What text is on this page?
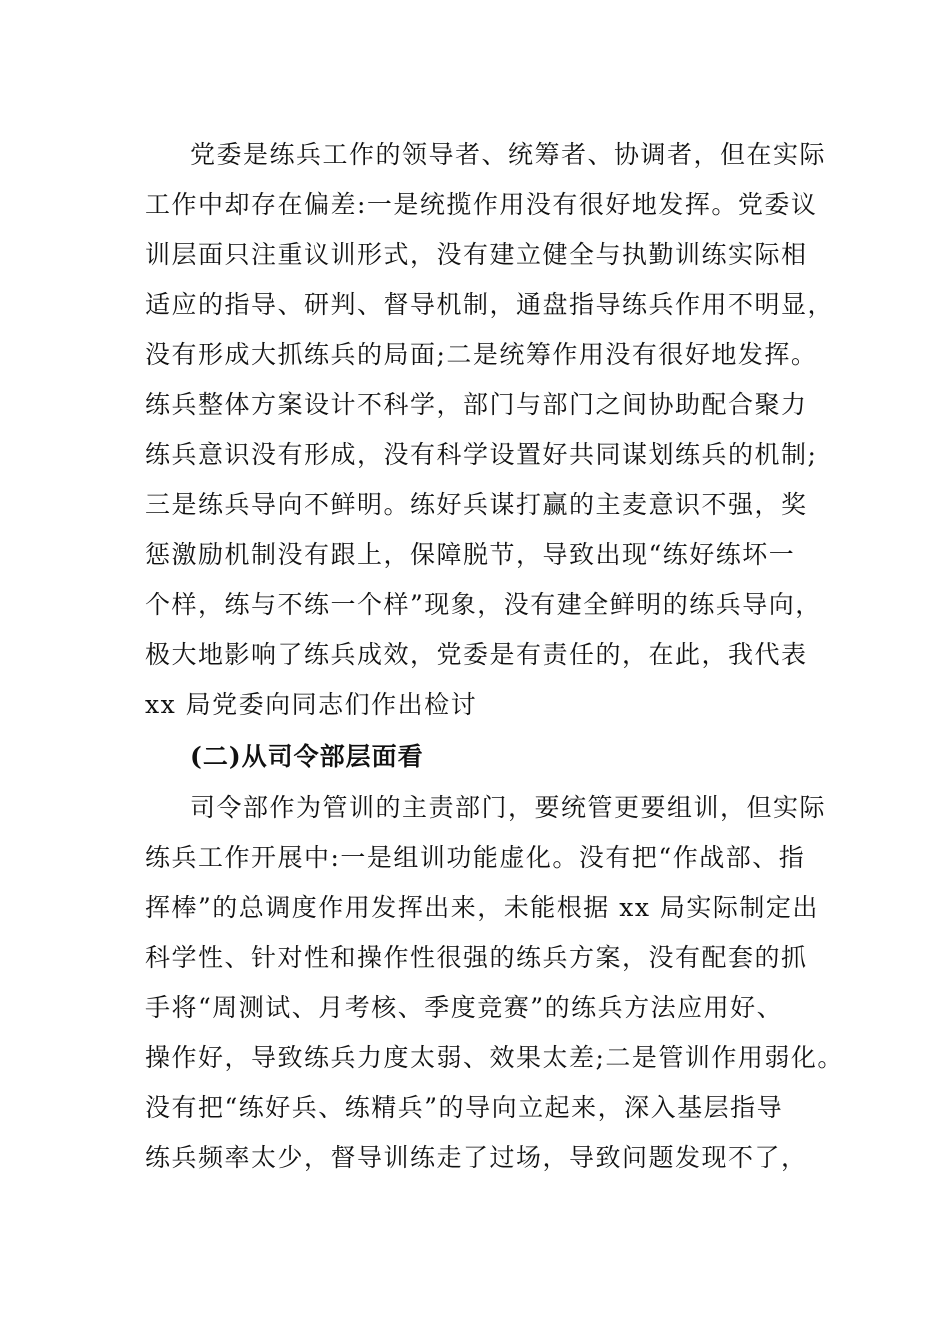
党委是练兵工作的领导者、统筹者、协调者，但在实际
工作中却存在偏差:一是统揽作用没有很好地发挥。党委议
训层面只注重议训形式，没有建立健全与执勤训练实际相
适应的指导、研判、督导机制，通盘指导练兵作用不明显，
没有形成大抓练兵的局面;二是统筹作用没有很好地发挥。
练兵整体方案设计不科学，部门与部门之间协助配合聚力
练兵意识没有形成，没有科学设置好共同谋划练兵的机制;
三是练兵导向不鲜明。练好兵谋打赢的主麦意识不强，奖
惩激励机制没有跟上，保障脱节，导致出现“练好练坏一
个样，练与不练一个样”现象，没有建全鲜明的练兵导向，
极大地影响了练兵成效，党委是有责任的，在此，我代表
xx 局党委向同志们作出检讨
(二)从司令部层面看
司令部作为管训的主责部门，要统管更要组训，但实际
练兵工作开展中:一是组训功能虚化。没有把“作战部、指
挥棒”的总调度作用发挥出来，未能根据 xx 局实际制定出
科学性、针对性和操作性很强的练兵方案，没有配套的抓
手将“周测试、月考核、季度竞赛”的练兵方法应用好、
操作好，导致练兵力度太弱、效果太差;二是管训作用弱化。
没有把“练好兵、练精兵”的导向立起来，深入基层指导
练兵频率太少，督导训练走了过场，导致问题发现不了，
